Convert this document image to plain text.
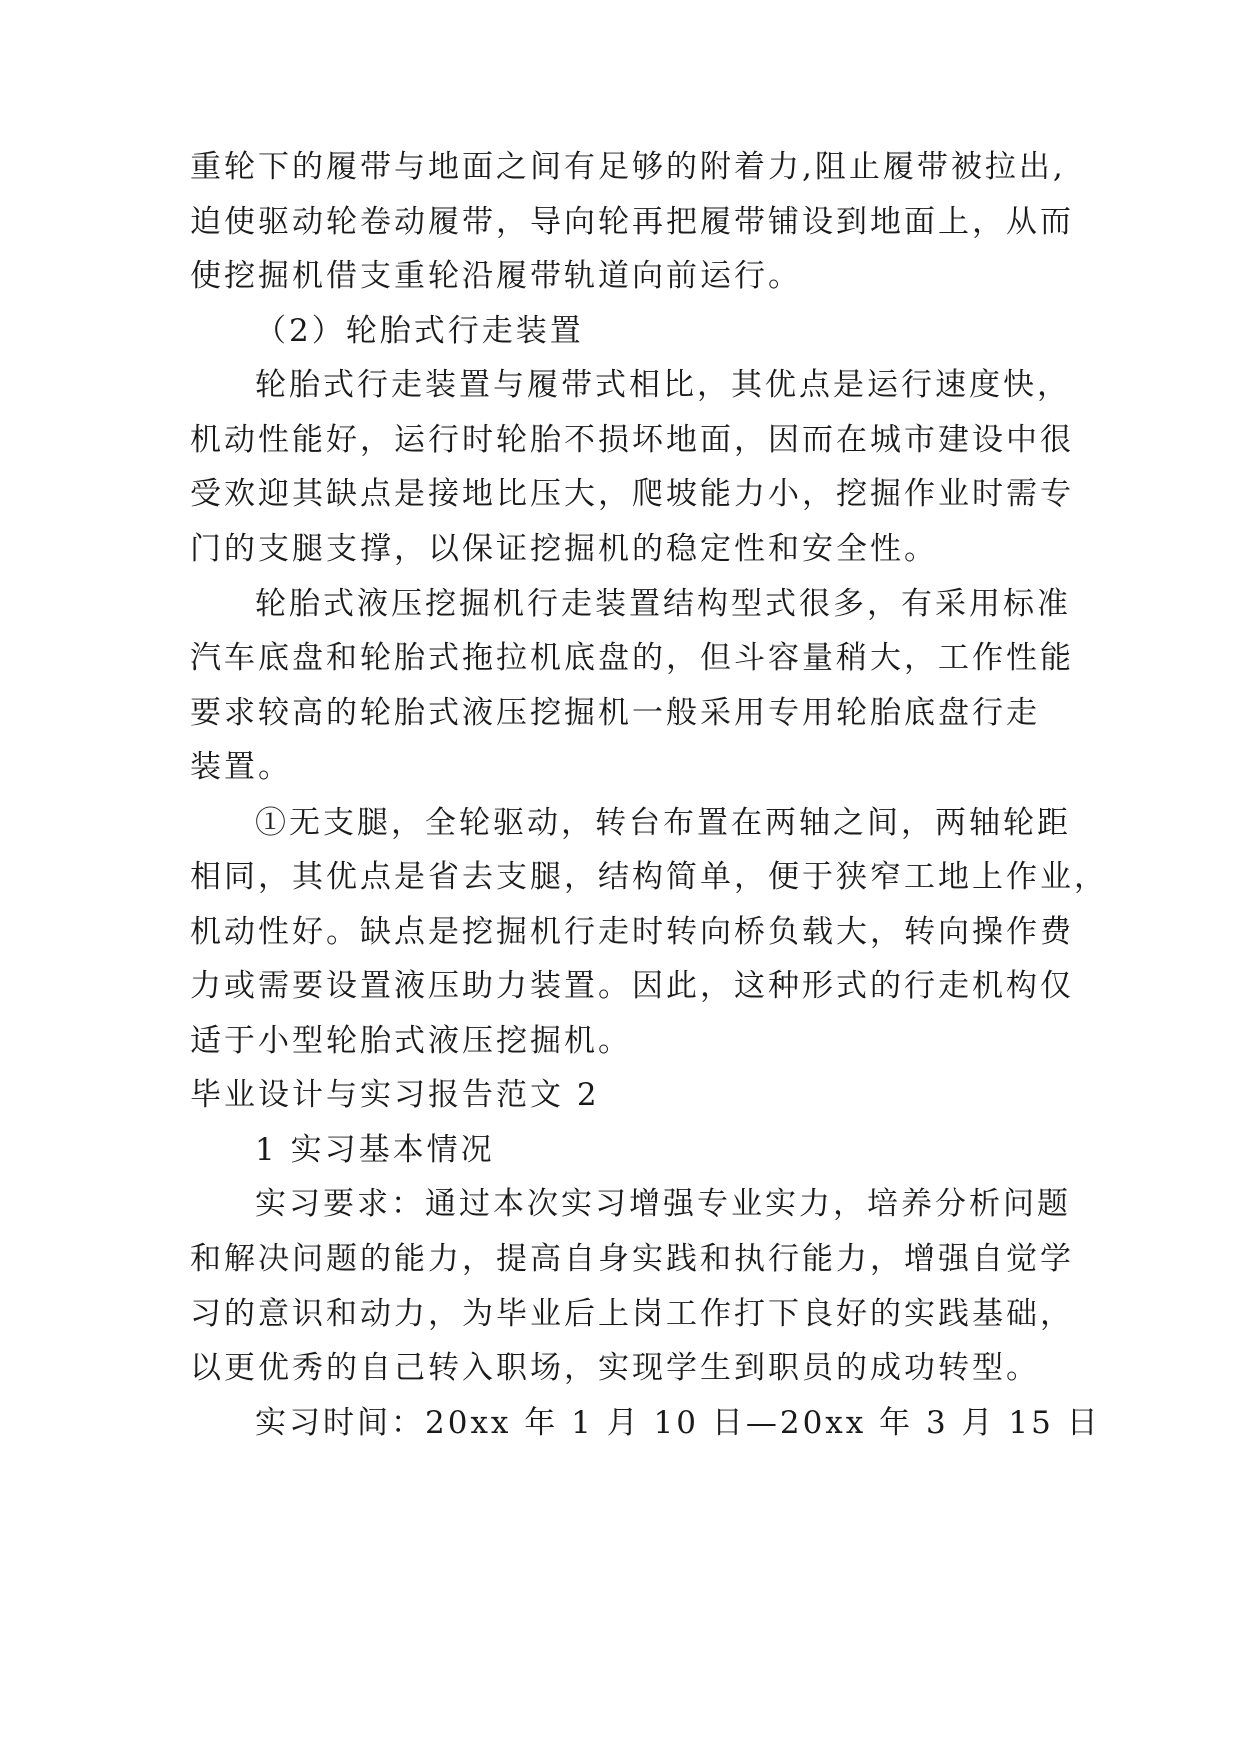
重轮下的履带与地面之间有足够的附着力,阻止履带被拉出,
迫使驱动轮卷动履带，导向轮再把履带铺设到地面上，从而
使挖掘机借支重轮沿履带轨道向前运行。
（2）轮胎式行走装置
轮胎式行走装置与履带式相比，其优点是运行速度快，
机动性能好，运行时轮胎不损坏地面，因而在城市建设中很
受欢迎其缺点是接地比压大，爬坡能力小，挖掘作业时需专
门的支腿支撑，以保证挖掘机的稳定性和安全性。
轮胎式液压挖掘机行走装置结构型式很多，有采用标准
汽车底盘和轮胎式拖拉机底盘的，但斗容量稍大，工作性能
要求较高的轮胎式液压挖掘机一般采用专用轮胎底盘行走
装置。
①无支腿，全轮驱动，转台布置在两轴之间，两轴轮距
相同，其优点是省去支腿，结构简单，便于狭窄工地上作业，
机动性好。缺点是挖掘机行走时转向桥负载大，转向操作费
力或需要设置液压助力装置。因此，这种形式的行走机构仅
适于小型轮胎式液压挖掘机。
毕业设计与实习报告范文 2
1 实习基本情况
实习要求：通过本次实习增强专业实力，培养分析问题
和解决问题的能力，提高自身实践和执行能力，增强自觉学
习的意识和动力，为毕业后上岗工作打下良好的实践基础，
以更优秀的自己转入职场，实现学生到职员的成功转型。
实习时间：20xx 年 1 月 10 日—20xx 年 3 月 15 日
